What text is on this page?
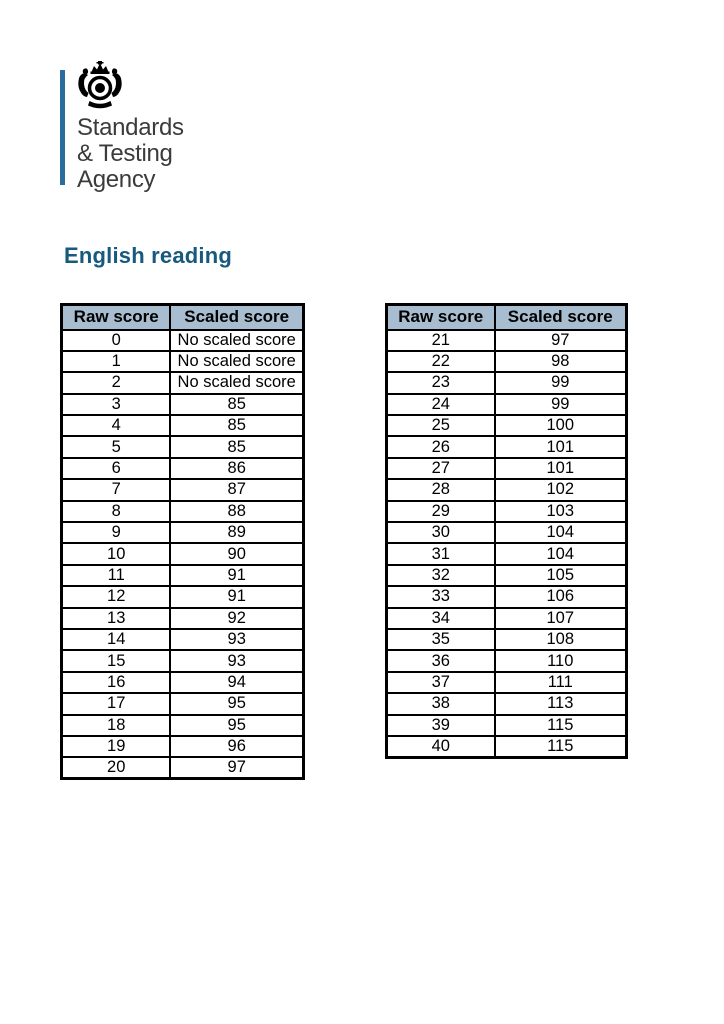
Standards
& Testing
Agency
English reading
Raw score	Scaled score
0	No scaled score
1	No scaled score
2	No scaled score
3	85
4	85
5	85
6	86
7	87
8	88
9	89
10	90
11	91
12	91
13	92
14	93
15	93
16	94
17	95
18	95
19	96
20	97
Raw score	Scaled score
21	97
22	98
23	99
24	99
25	100
26	101
27	101
28	102
29	103
30	104
31	104
32	105
33	106
34	107
35	108
36	110
37	111
38	113
39	115
40	115
